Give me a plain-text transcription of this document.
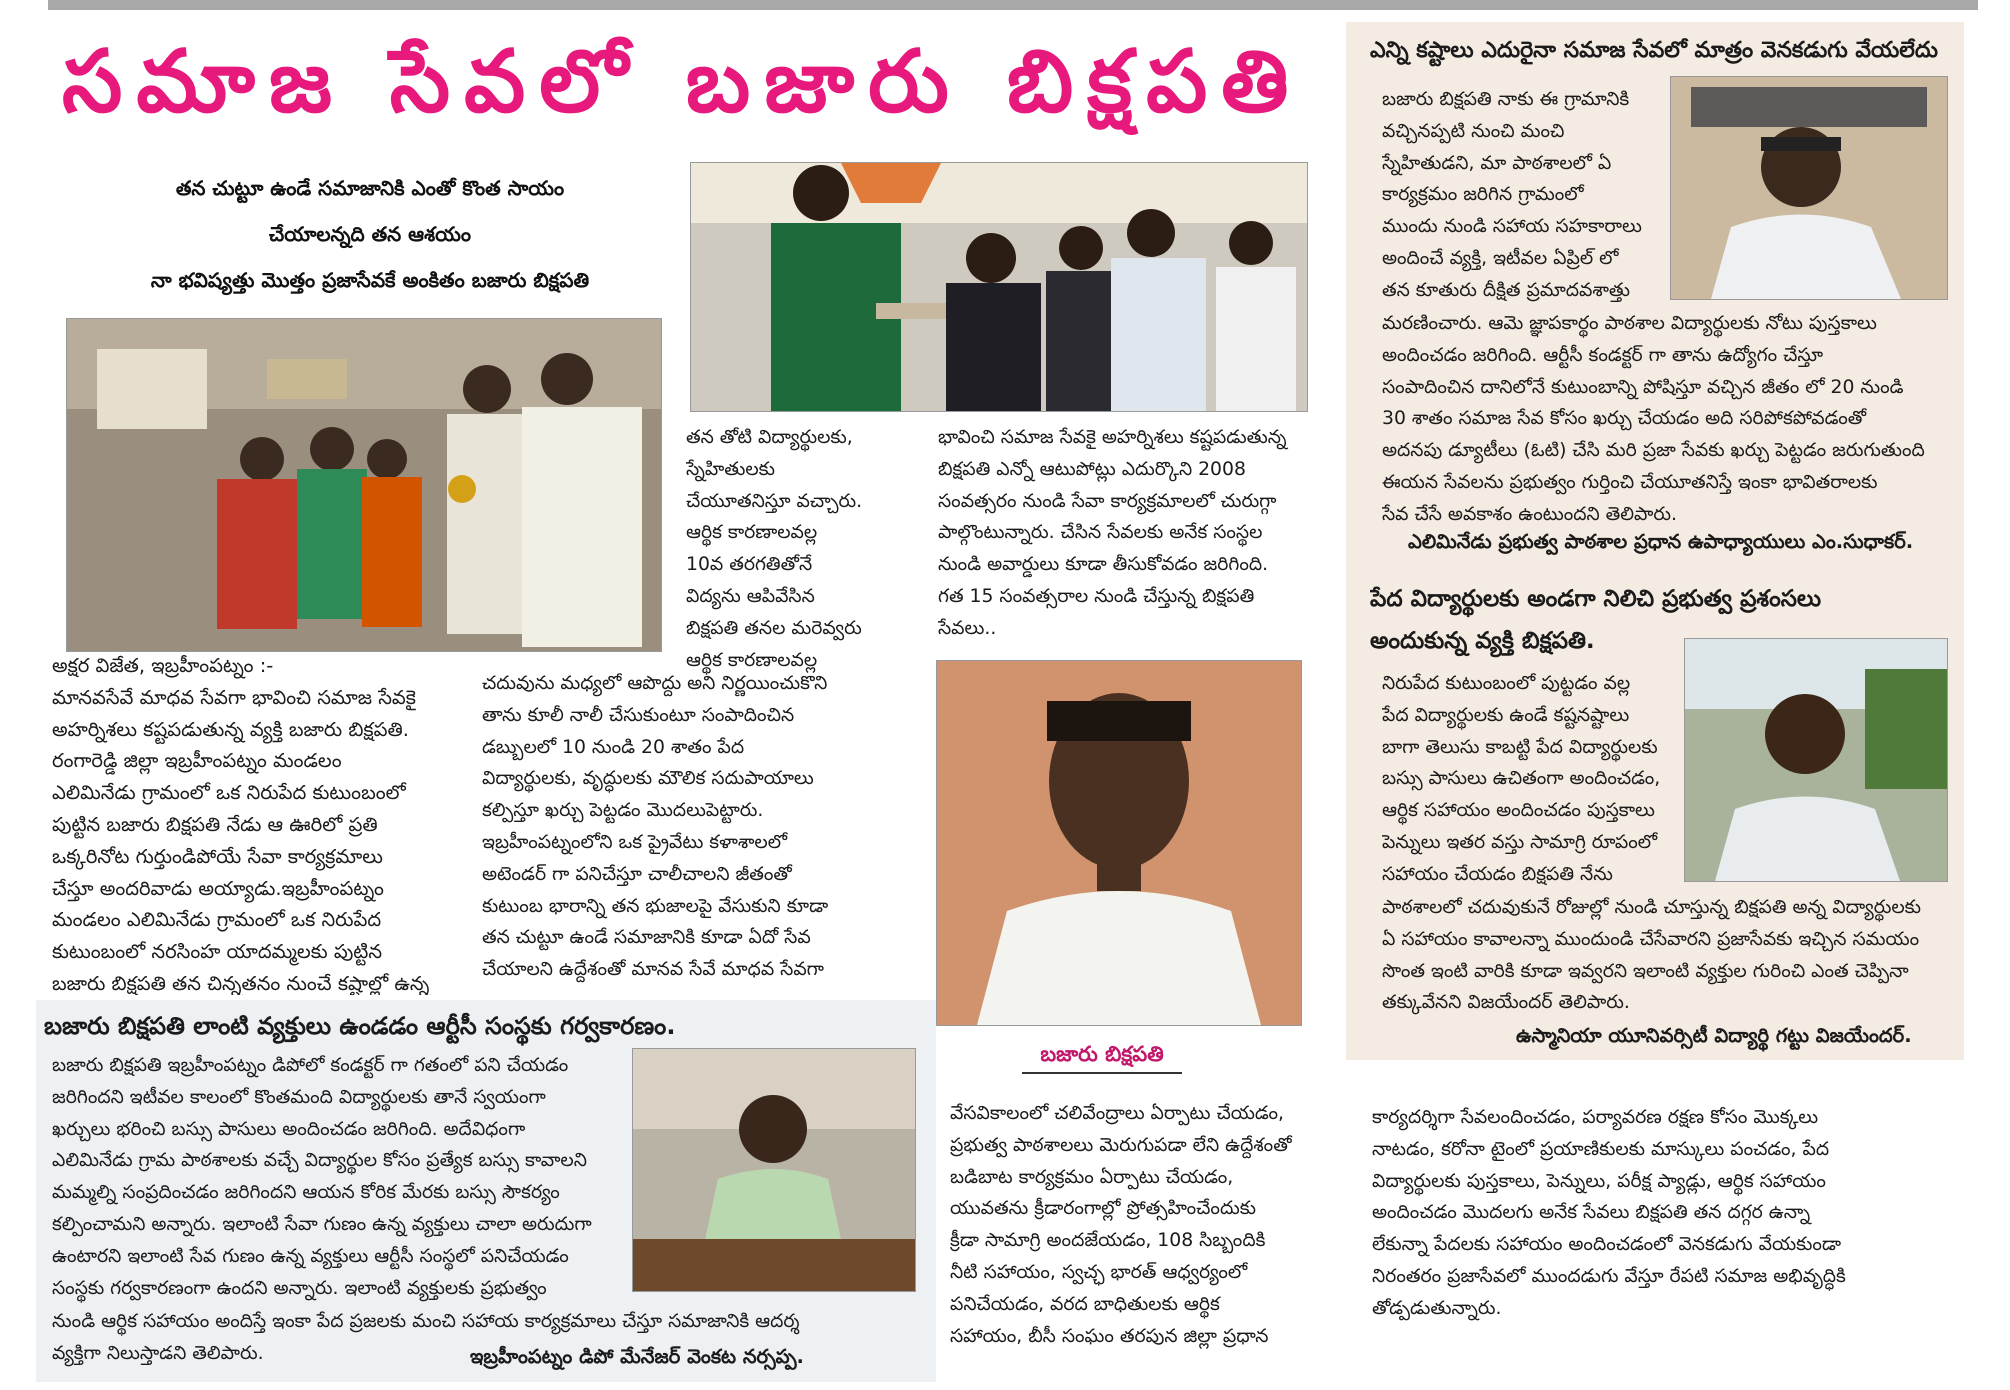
సమాజ సేవలో బజారు బిక్షపతి
తన చుట్టూ ఉండే సమాజానికి ఎంతో కొంత సాయం
చేయాలన్నది తన ఆశయం
నా భవిష్యత్తు మొత్తం ప్రజాసేవకే అంకితం బజారు బిక్షపతి
బజారు బిక్షపతి
అక్షర విజేత, ఇబ్రహీంపట్నం :-
మానవసేవే మాధవ సేవగా భావించి సమాజ సేవకై
అహర్నిశలు కష్టపడుతున్న వ్యక్తి బజారు బిక్షపతి.
రంగారెడ్డి జిల్లా ఇబ్రహీంపట్నం మండలం
ఎలిమినేడు గ్రామంలో ఒక నిరుపేద కుటుంబంలో
పుట్టిన బజారు బిక్షపతి నేడు ఆ ఊరిలో ప్రతి
ఒక్కరినోట గుర్తుండిపోయే సేవా కార్యక్రమాలు
చేస్తూ అందరివాడు అయ్యాడు.ఇబ్రహీంపట్నం
మండలం ఎలిమినేడు గ్రామంలో ఒక నిరుపేద
కుటుంబంలో నరసింహ యాదమ్మలకు పుట్టిన
బజారు బిక్షపతి తన చిన్నతనం నుంచే కష్టాల్లో ఉన్న
తన తోటి విద్యార్థులకు,
స్నేహితులకు
చేయూతనిస్తూ వచ్చారు.
ఆర్థిక కారణాలవల్ల
10వ తరగతితోనే
విద్యను ఆపివేసిన
బిక్షపతి తనల మరెవ్వరు
ఆర్థిక కారణాలవల్ల
చదువును మధ్యలో ఆపొద్దు అని నిర్ణయించుకొని
తాను కూలీ నాలీ చేసుకుంటూ సంపాదించిన
డబ్బులలో 10 నుండి 20 శాతం పేద
విద్యార్థులకు, వృద్ధులకు మౌలిక సదుపాయాలు
కల్పిస్తూ ఖర్చు పెట్టడం మొదలుపెట్టారు.
ఇబ్రహీంపట్నంలోని ఒక ప్రైవేటు కళాశాలలో
అటెండర్ గా పనిచేస్తూ చాలీచాలని జీతంతో
కుటుంబ భారాన్ని తన భుజాలపై వేసుకుని కూడా
తన చుట్టూ ఉండే సమాజానికి కూడా ఏదో సేవ
చేయాలని ఉద్దేశంతో మానవ సేవే మాధవ సేవగా
భావించి సమాజ సేవకై అహర్నిశలు కష్టపడుతున్న
బిక్షపతి ఎన్నో ఆటుపోట్లు ఎదుర్కొని 2008
సంవత్సరం నుండి సేవా కార్యక్రమాలలో చురుగ్గా
పాల్గొంటున్నారు. చేసిన సేవలకు అనేక సంస్థల
నుండి అవార్డులు కూడా తీసుకోవడం జరిగింది.
గత 15 సంవత్సరాల నుండి చేస్తున్న బిక్షపతి
సేవలు..
వేసవికాలంలో చలివేంద్రాలు ఏర్పాటు చేయడం,
ప్రభుత్వ పాఠశాలలు మెరుగుపడా లేని ఉద్దేశంతో
బడిబాట కార్యక్రమం ఏర్పాటు చేయడం,
యువతను క్రీడారంగాల్లో ప్రోత్సహించేందుకు
క్రీడా సామాగ్రి అందజేయడం, 108 సిబ్బందికి
నీటి సహాయం, స్వచ్ఛ భారత్ ఆధ్వర్యంలో
పనిచేయడం, వరద బాధితులకు ఆర్థిక
సహాయం, బీసీ సంఘం తరపున జిల్లా ప్రధాన
కార్యదర్శిగా సేవలందించడం, పర్యావరణ రక్షణ కోసం మొక్కలు
నాటడం, కరోనా టైంలో ప్రయాణికులకు మాస్కులు పంచడం, పేద
విద్యార్థులకు పుస్తకాలు, పెన్నులు, పరీక్ష ప్యాడ్లు, ఆర్థిక సహాయం
అందించడం మొదలగు అనేక సేవలు బిక్షపతి తన దగ్గర ఉన్నా
లేకున్నా పేదలకు సహాయం అందించడంలో వెనకడుగు వేయకుండా
నిరంతరం ప్రజాసేవలో ముందడుగు వేస్తూ రేపటి సమాజ అభివృద్ధికి
తోడ్పడుతున్నారు.
ఎన్ని కష్టాలు ఎదురైనా సమాజ సేవలో మాత్రం వెనకడుగు వేయలేదు
బజారు బిక్షపతి నాకు ఈ గ్రామానికి
వచ్చినప్పటి నుంచి మంచి
స్నేహితుడని, మా పాఠశాలలో ఏ
కార్యక్రమం జరిగిన గ్రామంలో
ముందు నుండి సహాయ సహకారాలు
అందించే వ్యక్తి, ఇటీవల ఏప్రిల్ లో
తన కూతురు దీక్షిత ప్రమాదవశాత్తు
మరణించారు. ఆమె జ్ఞాపకార్థం పాఠశాల విద్యార్థులకు నోటు పుస్తకాలు
అందించడం జరిగింది. ఆర్టీసీ కండక్టర్ గా తాను ఉద్యోగం చేస్తూ
సంపాదించిన దానిలోనే కుటుంబాన్ని పోషిస్తూ వచ్చిన జీతం లో 20 నుండి
30 శాతం సమాజ సేవ కోసం ఖర్చు చేయడం అది సరిపోకపోవడంతో
అదనపు డ్యూటీలు (ఓటి) చేసి మరి ప్రజా సేవకు ఖర్చు పెట్టడం జరుగుతుంది
ఈయన సేవలను ప్రభుత్వం గుర్తించి చేయూతనిస్తే ఇంకా భావితరాలకు
సేవ చేసే అవకాశం ఉంటుందని తెలిపారు.
ఎలిమినేడు ప్రభుత్వ పాఠశాల ప్రధాన ఉపాధ్యాయులు ఎం.సుధాకర్.
పేద విద్యార్థులకు అండగా నిలిచి ప్రభుత్వ ప్రశంసలు
అందుకున్న వ్యక్తి బిక్షపతి.
నిరుపేద కుటుంబంలో పుట్టడం వల్ల
పేద విద్యార్థులకు ఉండే కష్టనష్టాలు
బాగా తెలుసు కాబట్టి పేద విద్యార్థులకు
బస్సు పాసులు ఉచితంగా అందించడం,
ఆర్థిక సహాయం అందించడం పుస్తకాలు
పెన్నులు ఇతర వస్తు సామాగ్రి రూపంలో
సహాయం చేయడం బిక్షపతి నేను
పాఠశాలలో చదువుకునే రోజుల్లో నుండి చూస్తున్న బిక్షపతి అన్న విద్యార్థులకు
ఏ సహాయం కావాలన్నా ముందుండి చేసేవారని ప్రజాసేవకు ఇచ్చిన సమయం
సొంత ఇంటి వారికి కూడా ఇవ్వరని ఇలాంటి వ్యక్తుల గురించి ఎంత చెప్పినా
తక్కువేనని విజయేందర్ తెలిపారు.
ఉస్మానియా యూనివర్సిటీ విద్యార్థి గట్టు విజయేందర్.
బజారు బిక్షపతి లాంటి వ్యక్తులు ఉండడం ఆర్టీసీ సంస్థకు గర్వకారణం.
బజారు బిక్షపతి ఇబ్రహీంపట్నం డిపోలో కండక్టర్ గా గతంలో పని చేయడం
జరిగిందని ఇటీవల కాలంలో కొంతమంది విద్యార్థులకు తానే స్వయంగా
ఖర్చులు భరించి బస్సు పాసులు అందించడం జరిగింది. అదేవిధంగా
ఎలిమినేడు గ్రామ పాఠశాలకు వచ్చే విద్యార్థుల కోసం ప్రత్యేక బస్సు కావాలని
మమ్మల్ని సంప్రదించడం జరిగిందని ఆయన కోరిక మేరకు బస్సు సౌకర్యం
కల్పించామని అన్నారు. ఇలాంటి సేవా గుణం ఉన్న వ్యక్తులు చాలా అరుదుగా
ఉంటారని ఇలాంటి సేవ గుణం ఉన్న వ్యక్తులు ఆర్టీసీ సంస్థలో పనిచేయడం
సంస్థకు గర్వకారణంగా ఉందని అన్నారు. ఇలాంటి వ్యక్తులకు ప్రభుత్వం
నుండి ఆర్థిక సహాయం అందిస్తే ఇంకా పేద ప్రజలకు మంచి సహాయ కార్యక్రమాలు చేస్తూ సమాజానికి ఆదర్శ
వ్యక్తిగా నిలుస్తాడని తెలిపారు.	ఇబ్రహీంపట్నం డిపో మేనేజర్ వెంకట నర్సప్ప.
